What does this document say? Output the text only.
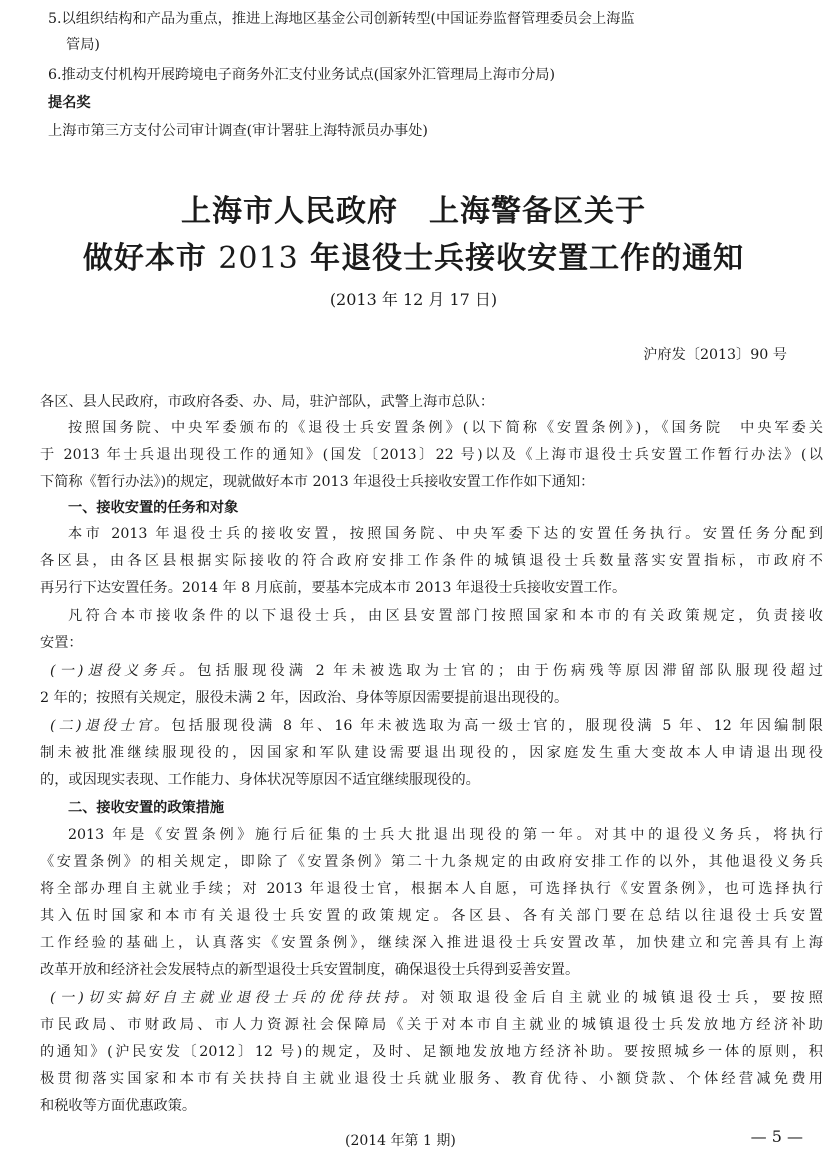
5.以组织结构和产品为重点，推进上海地区基金公司创新转型(中国证券监督管理委员会上海监
管局)
6.推动支付机构开展跨境电子商务外汇支付业务试点(国家外汇管理局上海市分局)
提名奖
上海市第三方支付公司审计调查(审计署驻上海特派员办事处)
上海市人民政府　上海警备区关于
做好本市 2013 年退役士兵接收安置工作的通知
(2013 年 12 月 17 日)
沪府发〔2013〕90 号
各区、县人民政府，市政府各委、办、局，驻沪部队，武警上海市总队：
按照国务院、中央军委颁布的《退役士兵安置条例》(以下简称《安置条例》)，《国务院　中央军委关
于 2013 年士兵退出现役工作的通知》(国发〔2013〕22 号)以及《上海市退役士兵安置工作暂行办法》(以
下简称《暂行办法》)的规定，现就做好本市 2013 年退役士兵接收安置工作作如下通知：
一、接收安置的任务和对象
本市 2013 年退役士兵的接收安置，按照国务院、中央军委下达的安置任务执行。安置任务分配到
各区县，由各区县根据实际接收的符合政府安排工作条件的城镇退役士兵数量落实安置指标，市政府不
再另行下达安置任务。2014 年 8 月底前，要基本完成本市 2013 年退役士兵接收安置工作。
凡符合本市接收条件的以下退役士兵，由区县安置部门按照国家和本市的有关政策规定，负责接收
安置：
(一)退役义务兵。包括服现役满 2 年未被选取为士官的；由于伤病残等原因滞留部队服现役超过
2 年的；按照有关规定，服役未满 2 年，因政治、身体等原因需要提前退出现役的。
(二)退役士官。包括服现役满 8 年、16 年未被选取为高一级士官的，服现役满 5 年、12 年因编制限
制未被批准继续服现役的，因国家和军队建设需要退出现役的，因家庭发生重大变故本人申请退出现役
的，或因现实表现、工作能力、身体状况等原因不适宜继续服现役的。
二、接收安置的政策措施
2013 年是《安置条例》施行后征集的士兵大批退出现役的第一年。对其中的退役义务兵，将执行
《安置条例》的相关规定，即除了《安置条例》第二十九条规定的由政府安排工作的以外，其他退役义务兵
将全部办理自主就业手续；对 2013 年退役士官，根据本人自愿，可选择执行《安置条例》，也可选择执行
其入伍时国家和本市有关退役士兵安置的政策规定。各区县、各有关部门要在总结以往退役士兵安置
工作经验的基础上，认真落实《安置条例》，继续深入推进退役士兵安置改革，加快建立和完善具有上海
改革开放和经济社会发展特点的新型退役士兵安置制度，确保退役士兵得到妥善安置。
(一)切实搞好自主就业退役士兵的优待扶持。对领取退役金后自主就业的城镇退役士兵，要按照
市民政局、市财政局、市人力资源社会保障局《关于对本市自主就业的城镇退役士兵发放地方经济补助
的通知》(沪民安发〔2012〕12 号)的规定，及时、足额地发放地方经济补助。要按照城乡一体的原则，积
极贯彻落实国家和本市有关扶持自主就业退役士兵就业服务、教育优待、小额贷款、个体经营减免费用
和税收等方面优惠政策。
(2014 年第 1 期)	— 5 —
